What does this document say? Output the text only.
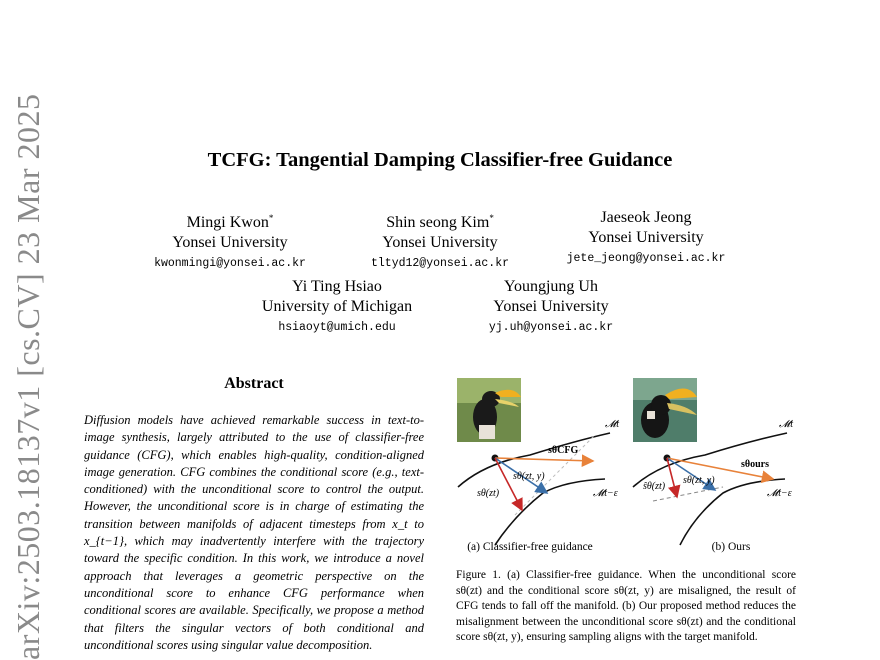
arXiv:2503.18137v1 [cs.CV] 23 Mar 2025	TCFG: Tangential Damping Classifier-free Guidance
Mingi Kwon*
Yonsei University
kwonmingi@yonsei.ac.kr
Shin seong Kim*
Yonsei University
tltyd12@yonsei.ac.kr
Jaeseok Jeong
Yonsei University
jete_jeong@yonsei.ac.kr
Yi Ting Hsiao
University of Michigan
hsiaoyt@umich.edu
Youngjung Uh
Yonsei University
yj.uh@yonsei.ac.kr
Abstract
Diffusion models have achieved remarkable success in text-to-image synthesis, largely attributed to the use of classifier-free guidance (CFG), which enables high-quality, condition-aligned image generation. CFG combines the conditional score (e.g., text-conditioned) with the unconditional score to control the output. However, the unconditional score is in charge of estimating the transition between manifolds of adjacent timesteps from x_t to x_{t−1}, which may inadvertently interfere with the trajectory toward the specific condition. In this work, we introduce a novel approach that leverages a geometric perspective on the unconditional score to enhance CFG performance when conditional scores are available. Specifically, we propose a method that filters the singular vectors of both conditional and unconditional scores using singular value decomposition.
𝓜t
𝓜t−ε
sθCFG
sθ(zt, y)
sθ(zt)
(a) Classifier-free guidance
𝓜t
𝓜t−ε
sθours
sθ(zt, y)
ŝθ(zt)
(b) Ours
Figure 1. (a) Classifier-free guidance. When the unconditional score sθ(zt) and the conditional score sθ(zt, y) are misaligned, the result of CFG tends to fall off the manifold. (b) Our proposed method reduces the misalignment between the unconditional score sθ(zt) and the conditional score sθ(zt, y), ensuring sampling aligns with the target manifold.
